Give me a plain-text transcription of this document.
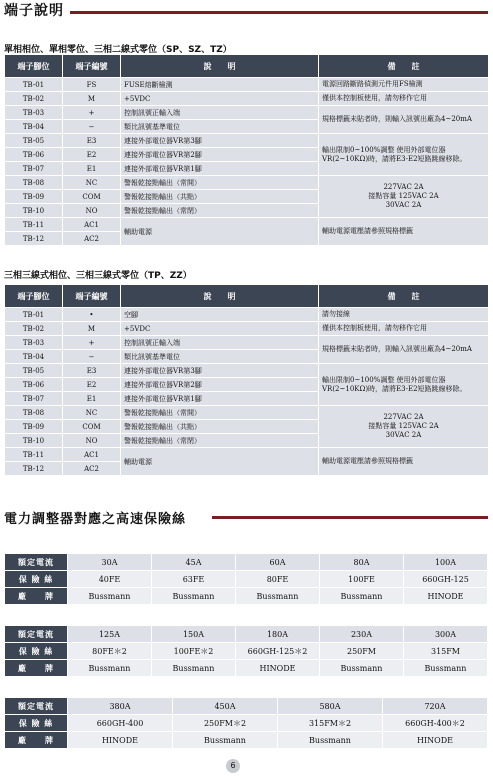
端子說明
單相相位、單相零位、三相二線式零位（SP、SZ、TZ）
端子腳位	端子編號	說　　明	備　　註
TB-01	FS	FUSE熔斷檢測	電源回路斷路偵測元件用FS檢測
TB-02	M	+5VDC	僅供本控制板使用，請勿移作它用
TB-03	+	控制訊號正輸入端	規格標籤未貼者時，則輸入訊號出廠為4~20mA
TB-04	−	類比訊號基準電位	
TB-05	E3	連接外部電位器VR第3腳	輸出限制0~100%調整 使用外部電位器VR(2~10KΩ)時，請將E3-E2短路跳線移除。
TB-06	E2	連接外部電位器VR第2腳	
TB-07	E1	連接外部電位器VR第1腳	
TB-08	NC	警報乾接點輸出（常開）	227VAC 2A
接點容量 125VAC 2A
30VAC 2A

TB-09	COM	警報乾接點輸出（共點）	
TB-10	NO	警報乾接點輸出（常閉）	
TB-11	AC1	輔助電源	輔助電源電壓請參照規格標籤
TB-12	AC2		
三相三線式相位、三相三線式零位（TP、ZZ）
端子腳位	端子編號	說　　明	備　　註
TB-01	•	空腳	請勿接線
TB-02	M	+5VDC	僅供本控制板使用，請勿移作它用
TB-03	+	控制訊號正輸入端	規格標籤未貼者時，則輸入訊號出廠為4~20mA
TB-04	−	類比訊號基準電位	
TB-05	E3	連接外部電位器VR第3腳	輸出限制0~100%調整 使用外部電位器VR(2~10KΩ)時，請將E3-E2短路跳線移除。
TB-06	E2	連接外部電位器VR第2腳	
TB-07	E1	連接外部電位器VR第1腳	
TB-08	NC	警報乾接點輸出（常開）	227VAC 2A
接點容量 125VAC 2A
30VAC 2A

TB-09	COM	警報乾接點輸出（共點）	
TB-10	NO	警報乾接點輸出（常閉）	
TB-11	AC1	輔助電源	輔助電源電壓請參照規格標籤
TB-12	AC2		
電力調整器對應之高速保險絲
額定電流	30A	45A	60A	80A	100A
保 險 絲	40FE	63FE	80FE	100FE	660GH-125
廠　　牌	Bussmann	Bussmann	Bussmann	Bussmann	HINODE
額定電流	125A	150A	180A	230A	300A
保 險 絲	80FE＊2	100FE＊2	660GH-125＊2	250FM	315FM
廠　　牌	Bussmann	Bussmann	HINODE	Bussmann	Bussmann
額定電流	380A	450A	580A	720A
保 險 絲	660GH-400	250FM＊2	315FM＊2	660GH-400＊2
廠　　牌	HINODE	Bussmann	Bussmann	HINODE
6
